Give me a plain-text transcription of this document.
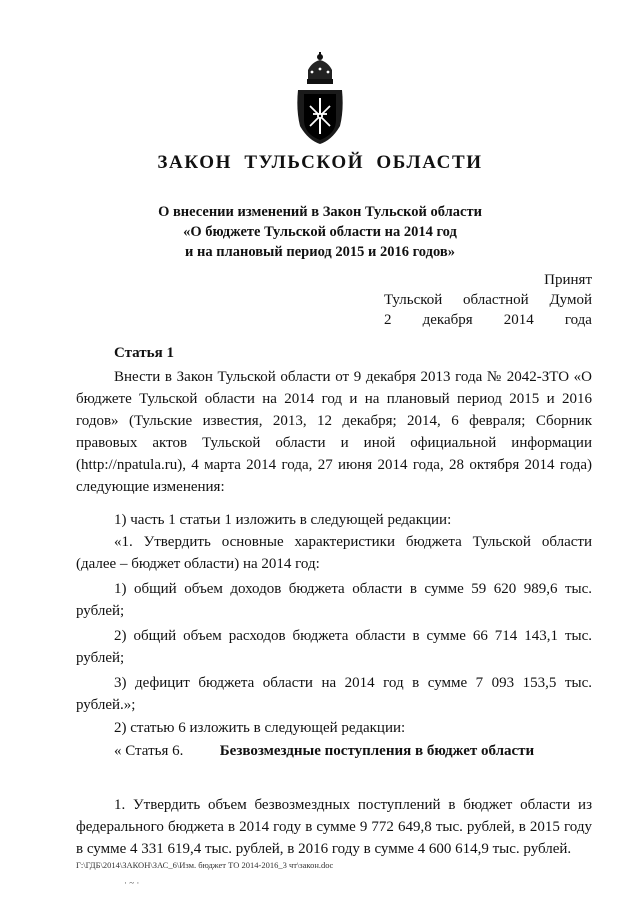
ЗАКОН ТУЛЬСКОЙ ОБЛАСТИ
О внесении изменений в Закон Тульской области
«О бюджете Тульской области на 2014 год
и на плановый период 2015 и 2016 годов»
Принят
Тульской областной Думой
2 декабря 2014 года
Статья 1

Внести в Закон Тульской области от 9 декабря 2013 года № 2042-ЗТО «О бюджете Тульской области на 2014 год и на плановый период 2015 и 2016 годов» (Тульские известия, 2013, 12 декабря; 2014, 6 февраля; Сборник правовых актов Тульской области и иной официальной информации (http://npatula.ru), 4 марта 2014 года, 27 июня 2014 года, 28 октября 2014 года) следующие изменения:

1) часть 1 статьи 1 изложить в следующей редакции:

«1. Утвердить основные характеристики бюджета Тульской области (далее – бюджет области) на 2014 год:

1) общий объем доходов бюджета области в сумме 59 620 989,6 тыс. рублей;

2) общий объем расходов бюджета области в сумме 66 714 143,1 тыс. рублей;

3) дефицит бюджета области на 2014 год в сумме 7 093 153,5 тыс. рублей.»;

2) статью 6 изложить в следующей редакции:

« Статья 6. Безвозмездные поступления в бюджет области

1. Утвердить объем безвозмездных поступлений в бюджет области из федерального бюджета в 2014 году в сумме 9 772 649,8 тыс. рублей, в 2015 году в сумме 4 331 619,4 тыс. рублей, в 2016 году в сумме 4 600 614,9 тыс. рублей.

Г:\ГДБ\2014\ЗАКОН\ЗАС_6\Изм. бюджет ТО 2014-2016_3 чт\закон.doc
· ~ ·
